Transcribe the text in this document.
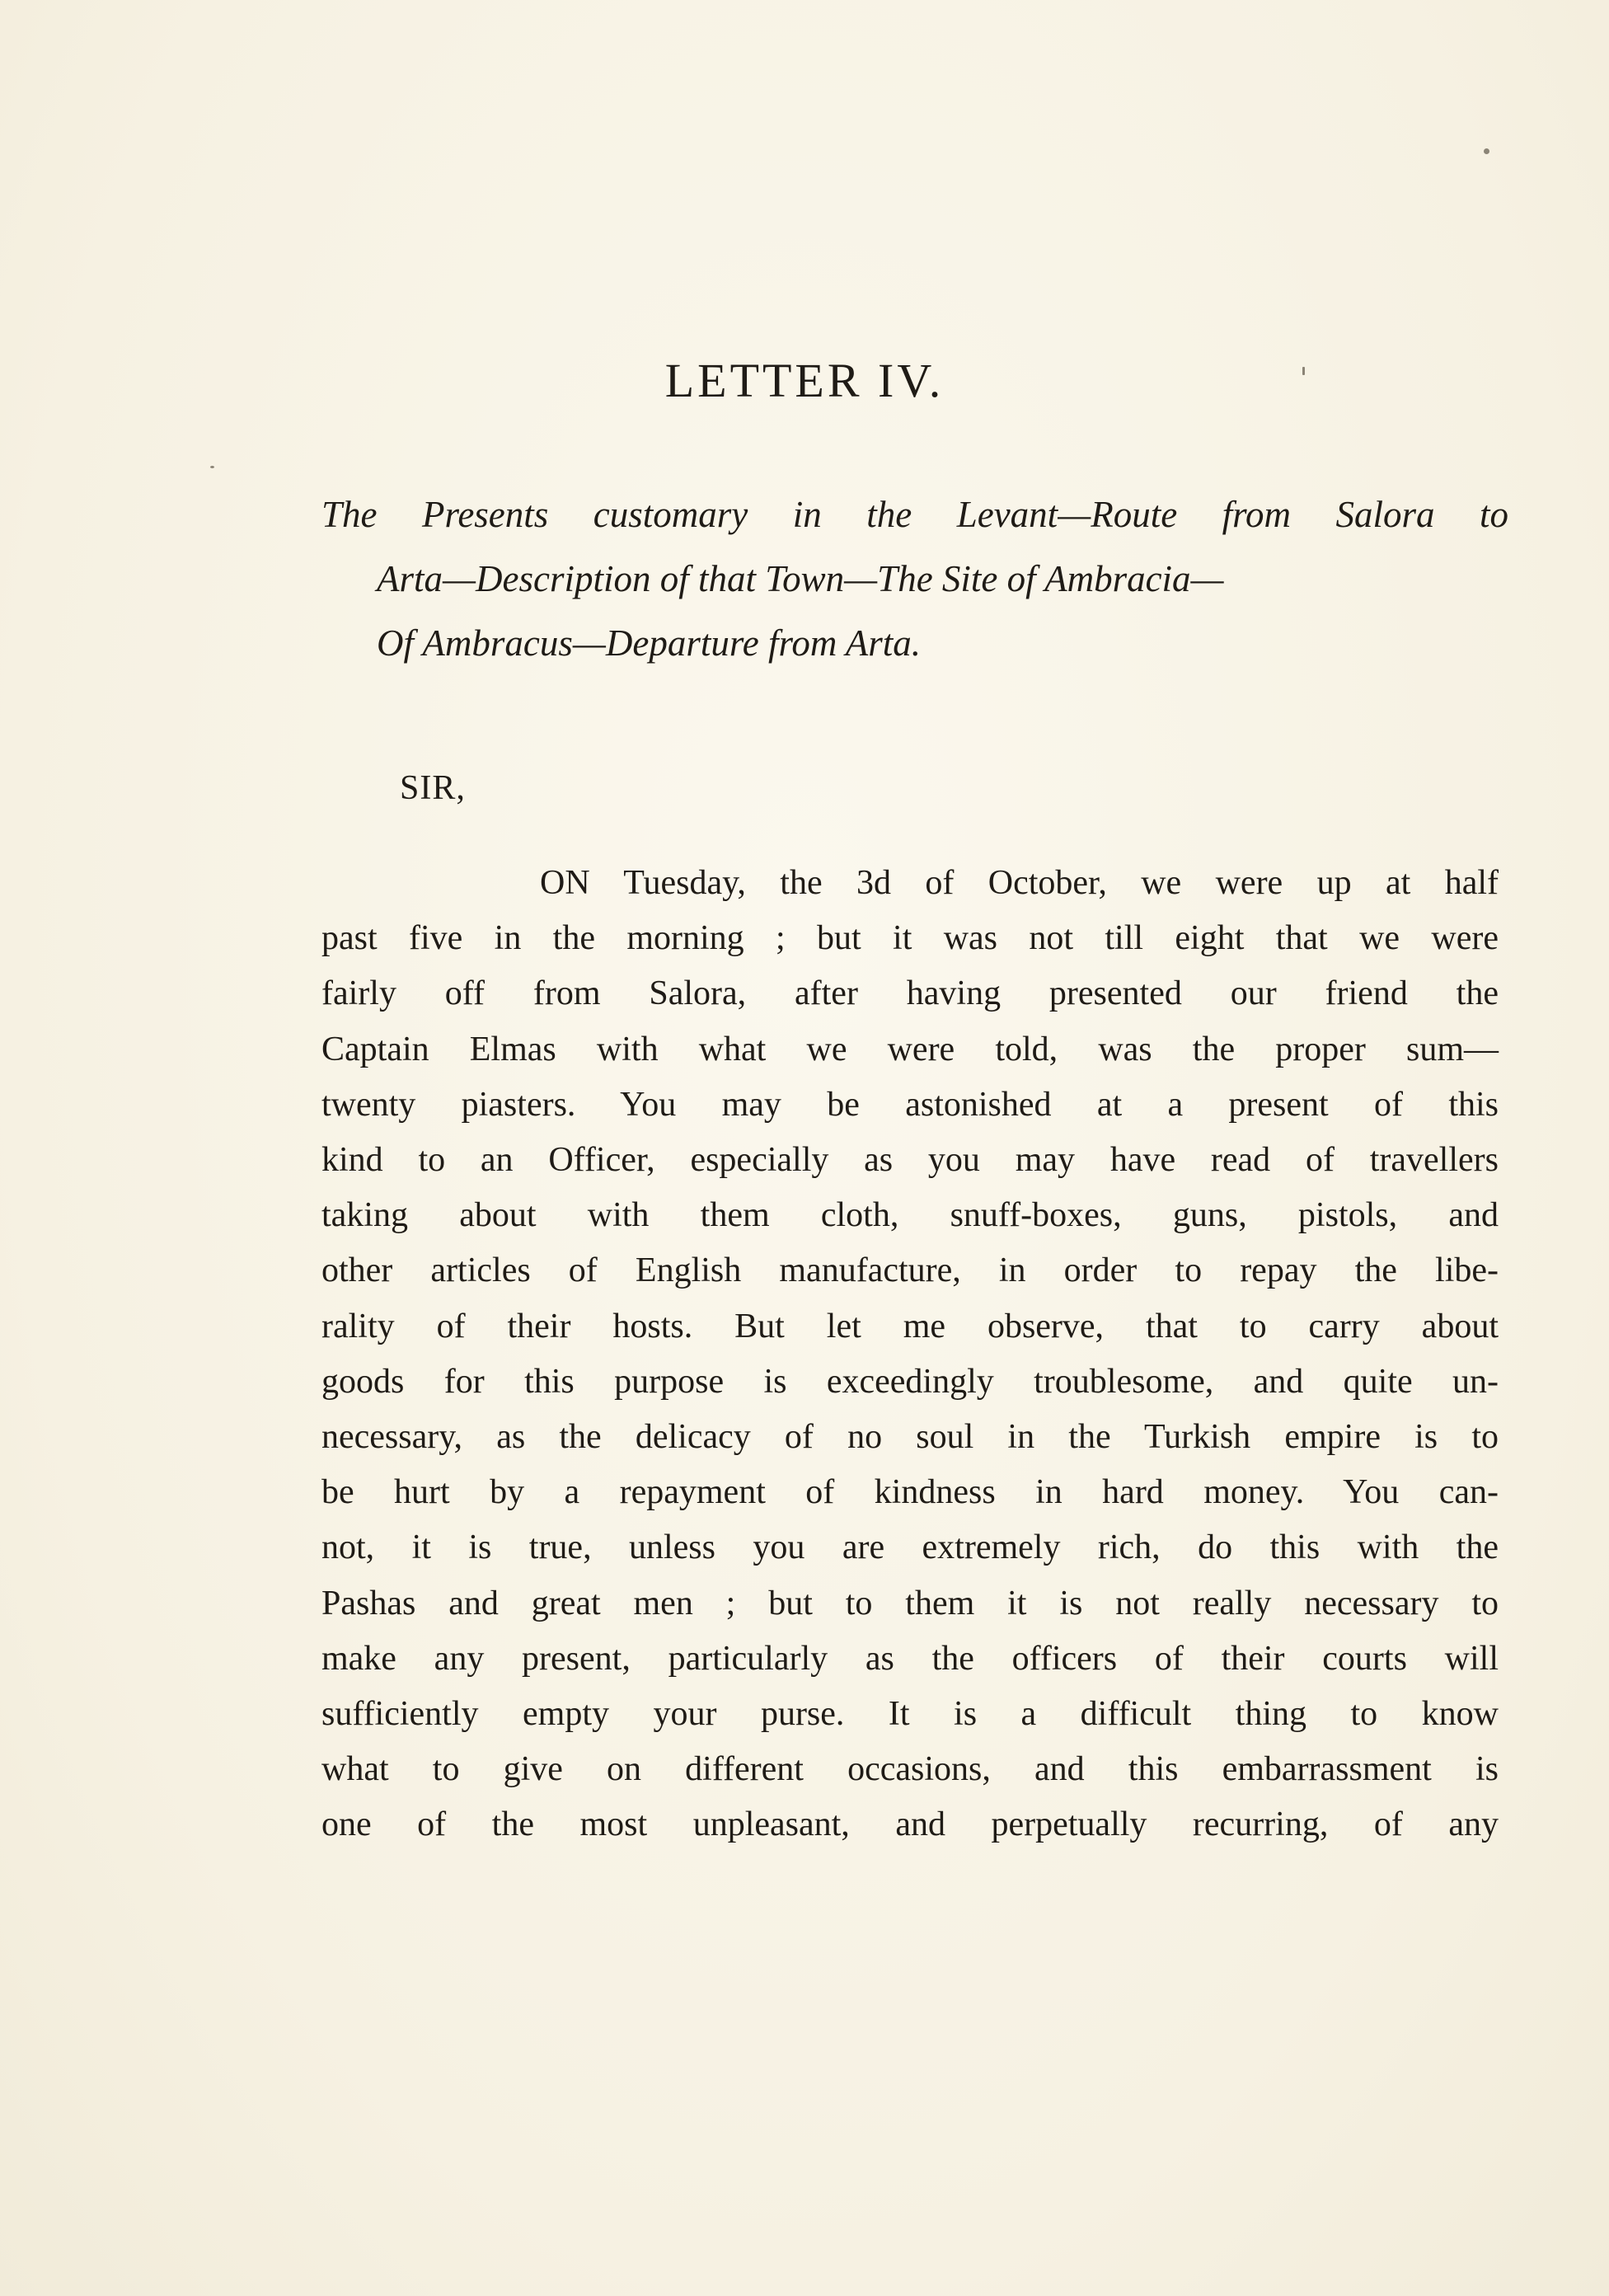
LETTER IV.

The Presents customary in the Levant—Route from Salora to
Arta—Description of that Town—The Site of Ambracia—
Of Ambracus—Departure from Arta.

SIR,

ON Tuesday, the 3d of October, we were up at half
past five in the morning ; but it was not till eight that we were
fairly off from Salora, after having presented our friend the
Captain Elmas with what we were told, was the proper sum—
twenty piasters. You may be astonished at a present of this
kind to an Officer, especially as you may have read of travellers
taking about with them cloth, snuff-boxes, guns, pistols, and
other articles of English manufacture, in order to repay the libe-
rality of their hosts. But let me observe, that to carry about
goods for this purpose is exceedingly troublesome, and quite un-
necessary, as the delicacy of no soul in the Turkish empire is to
be hurt by a repayment of kindness in hard money. You can-
not, it is true, unless you are extremely rich, do this with the
Pashas and great men ; but to them it is not really necessary to
make any present, particularly as the officers of their courts will
sufficiently empty your purse. It is a difficult thing to know
what to give on different occasions, and this embarrassment is
one of the most unpleasant, and perpetually recurring, of any
